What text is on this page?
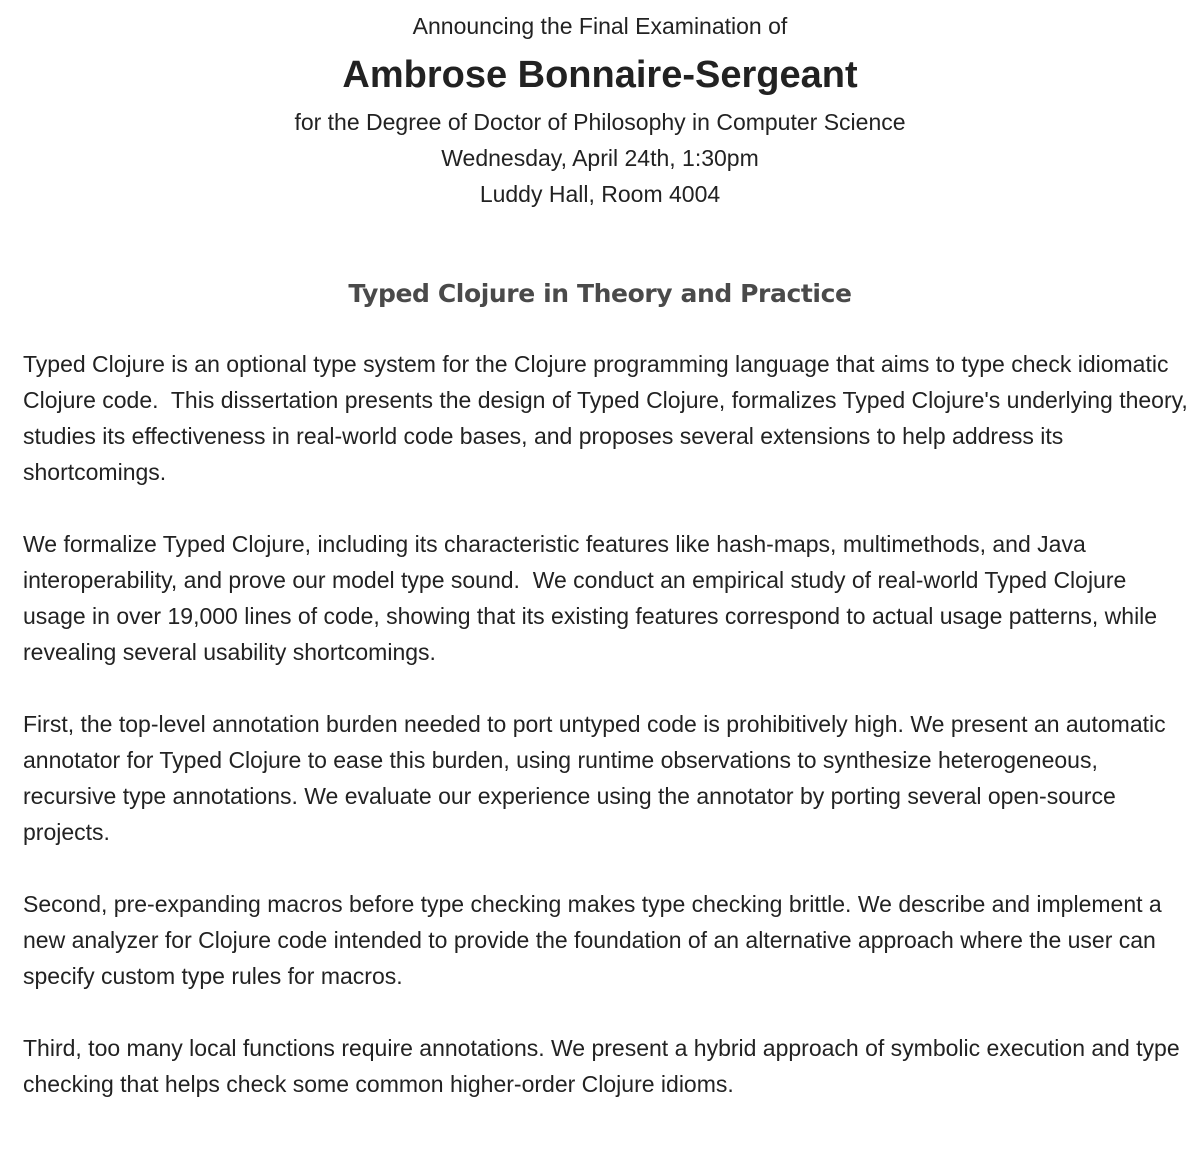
Announcing the Final Examination of
Ambrose Bonnaire-Sergeant
for the Degree of Doctor of Philosophy in Computer Science
Wednesday, April 24th, 1:30pm
Luddy Hall, Room 4004
Typed Clojure in Theory and Practice

Typed Clojure is an optional type system for the Clojure programming language that aims to type check idiomatic Clojure code.  This dissertation presents the design of Typed Clojure, formalizes Typed Clojure's underlying theory, studies its effectiveness in real-world code bases, and proposes several extensions to help address its shortcomings.

We formalize Typed Clojure, including its characteristic features like hash-maps, multimethods, and Java interoperability, and prove our model type sound.  We conduct an empirical study of real-world Typed Clojure usage in over 19,000 lines of code, showing that its existing features correspond to actual usage patterns, while revealing several usability shortcomings.

First, the top-level annotation burden needed to port untyped code is prohibitively high. We present an automatic annotator for Typed Clojure to ease this burden, using runtime observations to synthesize heterogeneous, recursive type annotations. We evaluate our experience using the annotator by porting several open-source projects.

Second, pre-expanding macros before type checking makes type checking brittle. We describe and implement a new analyzer for Clojure code intended to provide the foundation of an alternative approach where the user can specify custom type rules for macros.

Third, too many local functions require annotations. We present a hybrid approach of symbolic execution and type checking that helps check some common higher-order Clojure idioms.
